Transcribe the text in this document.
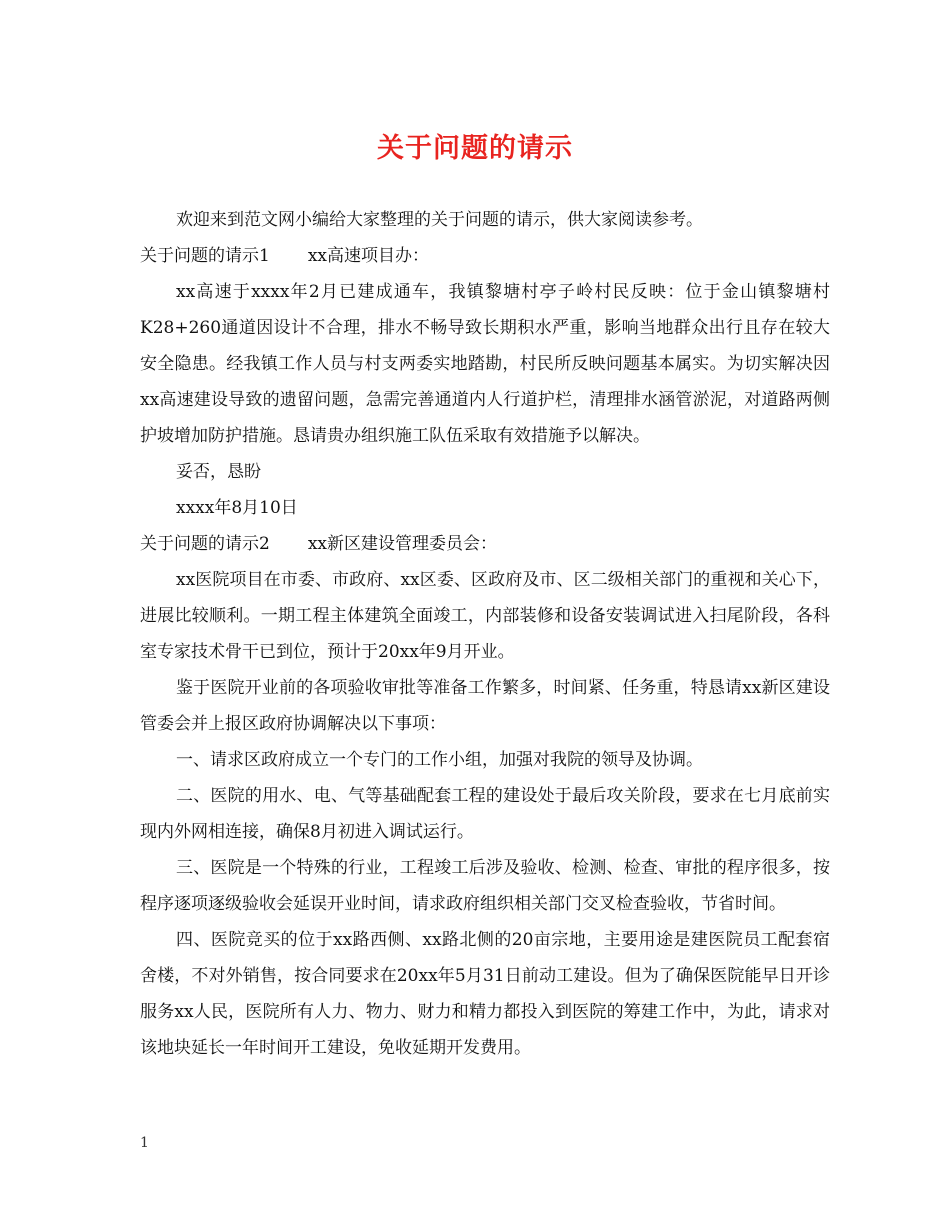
关于问题的请示

欢迎来到范文网小编给大家整理的关于问题的请示，供大家阅读参考。

关于问题的请示1 xx高速项目办：

xx高速于xxxx年2月已建成通车，我镇黎塘村亭子岭村民反映：位于金山镇黎塘村K28+260通道因设计不合理，排水不畅导致长期积水严重，影响当地群众出行且存在较大安全隐患。经我镇工作人员与村支两委实地踏勘，村民所反映问题基本属实。为切实解决因xx高速建设导致的遗留问题，急需完善通道内人行道护栏，清理排水涵管淤泥，对道路两侧护坡增加防护措施。恳请贵办组织施工队伍采取有效措施予以解决。

妥否，恳盼

xxxx年8月10日

关于问题的请示2 xx新区建设管理委员会：

xx医院项目在市委、市政府、xx区委、区政府及市、区二级相关部门的重视和关心下，进展比较顺利。一期工程主体建筑全面竣工，内部装修和设备安装调试进入扫尾阶段，各科室专家技术骨干已到位，预计于20xx年9月开业。

鉴于医院开业前的各项验收审批等准备工作繁多，时间紧、任务重，特恳请xx新区建设管委会并上报区政府协调解决以下事项：

一、请求区政府成立一个专门的工作小组，加强对我院的领导及协调。

二、医院的用水、电、气等基础配套工程的建设处于最后攻关阶段，要求在七月底前实现内外网相连接，确保8月初进入调试运行。

三、医院是一个特殊的行业，工程竣工后涉及验收、检测、检查、审批的程序很多，按程序逐项逐级验收会延误开业时间，请求政府组织相关部门交叉检查验收，节省时间。

四、医院竞买的位于xx路西侧、xx路北侧的20亩宗地，主要用途是建医院员工配套宿舍楼，不对外销售，按合同要求在20xx年5月31日前动工建设。但为了确保医院能早日开诊服务xx人民，医院所有人力、物力、财力和精力都投入到医院的筹建工作中，为此，请求对该地块延长一年时间开工建设，免收延期开发费用。

1
